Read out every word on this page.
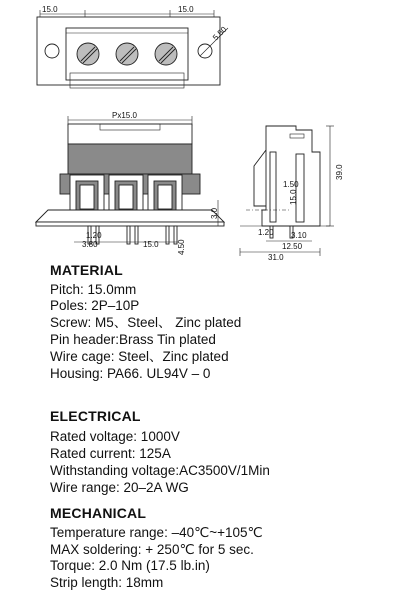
15.0	15.0
5.50
Px15.0
1.20
3.80	15.0 4.50
3.0
39.0
1.50
15.0
1.20 3.10
12.50
31.0
MATERIAL
Pitch: 15.0mm
Poles: 2P–10P
Screw: M5、Steel、 Zinc plated
Pin header:Brass Tin plated
Wire cage: Steel、Zinc plated
Housing: PA66. UL94V – 0
ELECTRICAL
Rated voltage: 1000V
Rated current: 125A
Withstanding voltage:AC3500V/1Min
Wire range: 20–2A WG
MECHANICAL
Temperature range: –40℃~+105℃
MAX soldering: + 250℃ for 5 sec.
Torque: 2.0 Nm (17.5 lb.in)
Strip length: 18mm
